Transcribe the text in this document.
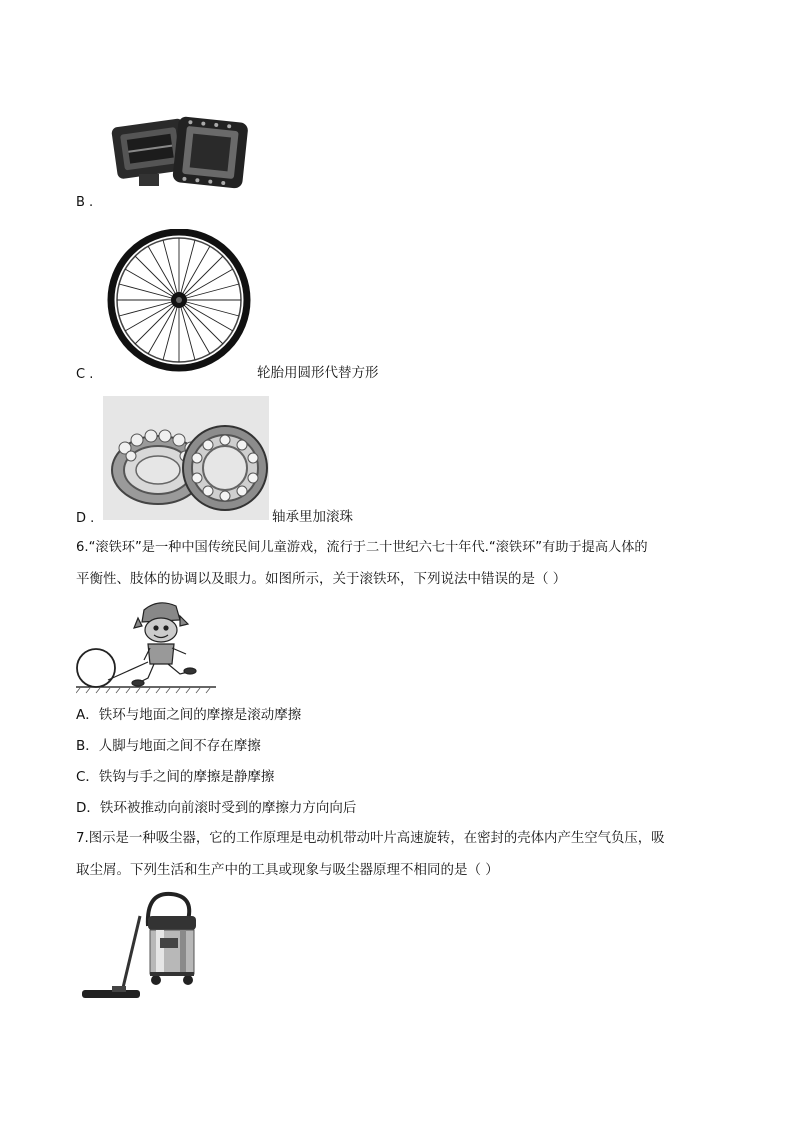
B .
C .	轮胎用圆形代替方形
D .	轴承里加滚珠
6.“滚铁环”是一种中国传统民间儿童游戏，流行于二十世纪六七十年代.“滚铁环”有助于提高人体的
平衡性、肢体的协调以及眼力。如图所示，关于滚铁环，下列说法中错误的是（ ）
A．铁环与地面之间的摩擦是滚动摩擦
B．人脚与地面之间不存在摩擦
C．铁钩与手之间的摩擦是静摩擦
D．铁环被推动向前滚时受到的摩擦力方向向后
7.图示是一种吸尘器，它的工作原理是电动机带动叶片高速旋转，在密封的壳体内产生空气负压，吸
取尘屑。下列生活和生产中的工具或现象与吸尘器原理不相同的是（ ）
